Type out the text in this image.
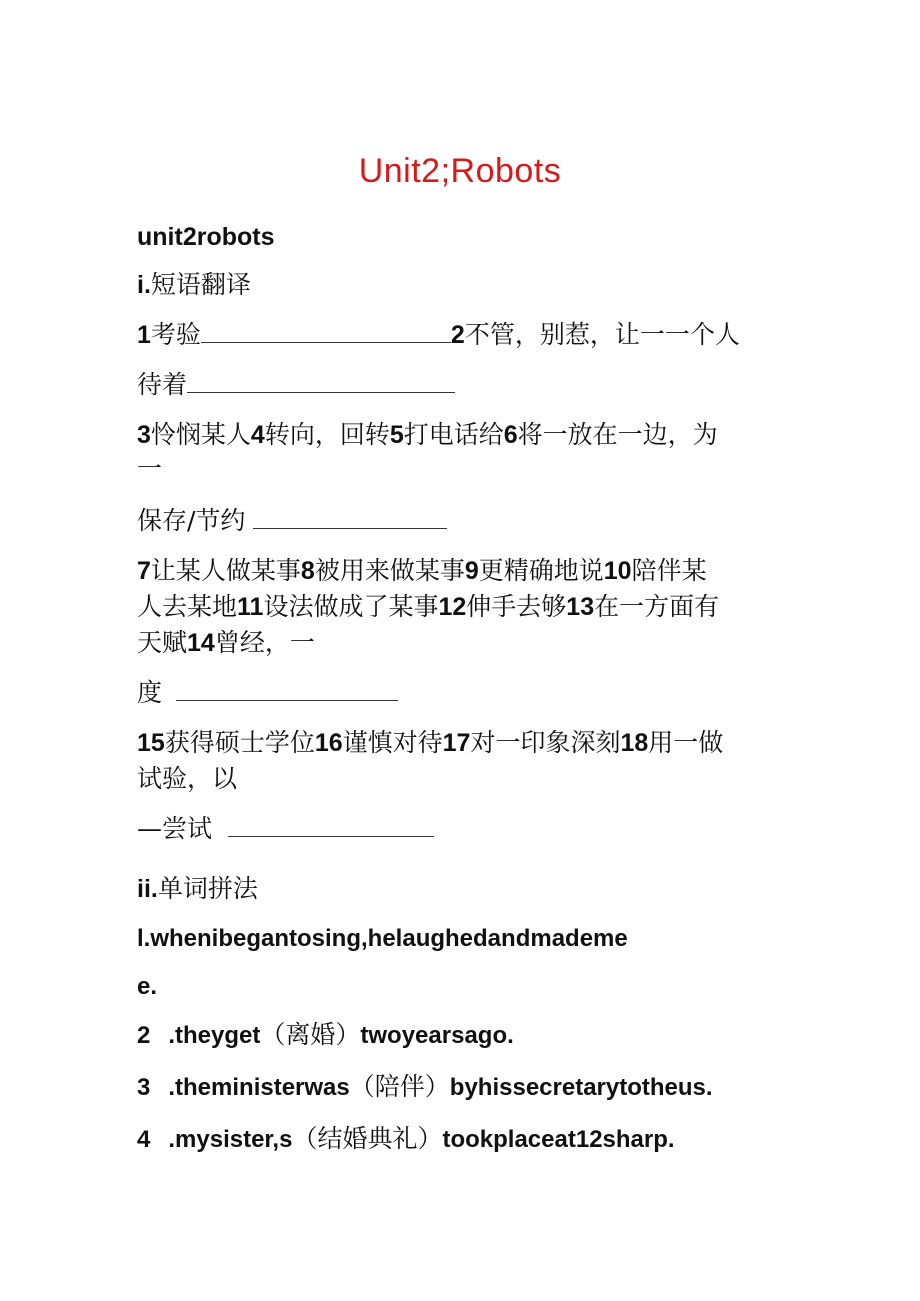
Unit2;Robots
unit2robots
i.短语翻译
1考验	2不管，别惹，让一一个人
待着
3怜悯某人4转向，回转5打电话给6将一放在一边，为
一
保存/节约
7让某人做某事8被用来做某事9更精确地说10陪伴某
人去某地11设法做成了某事12伸手去够13在一方面有
天赋14曾经，一
度
15获得硕士学位16谨慎对待17对一印象深刻18用一做
试验，以
—尝试
ii.单词拼法
l.whenibegantosing,helaughedandmademe
e.
2 .theyget（离婚）twoyearsago.
3 .theministerwas（陪伴）byhissecretarytotheus.
4 .mysister,s（结婚典礼）tookplaceat12sharp.
